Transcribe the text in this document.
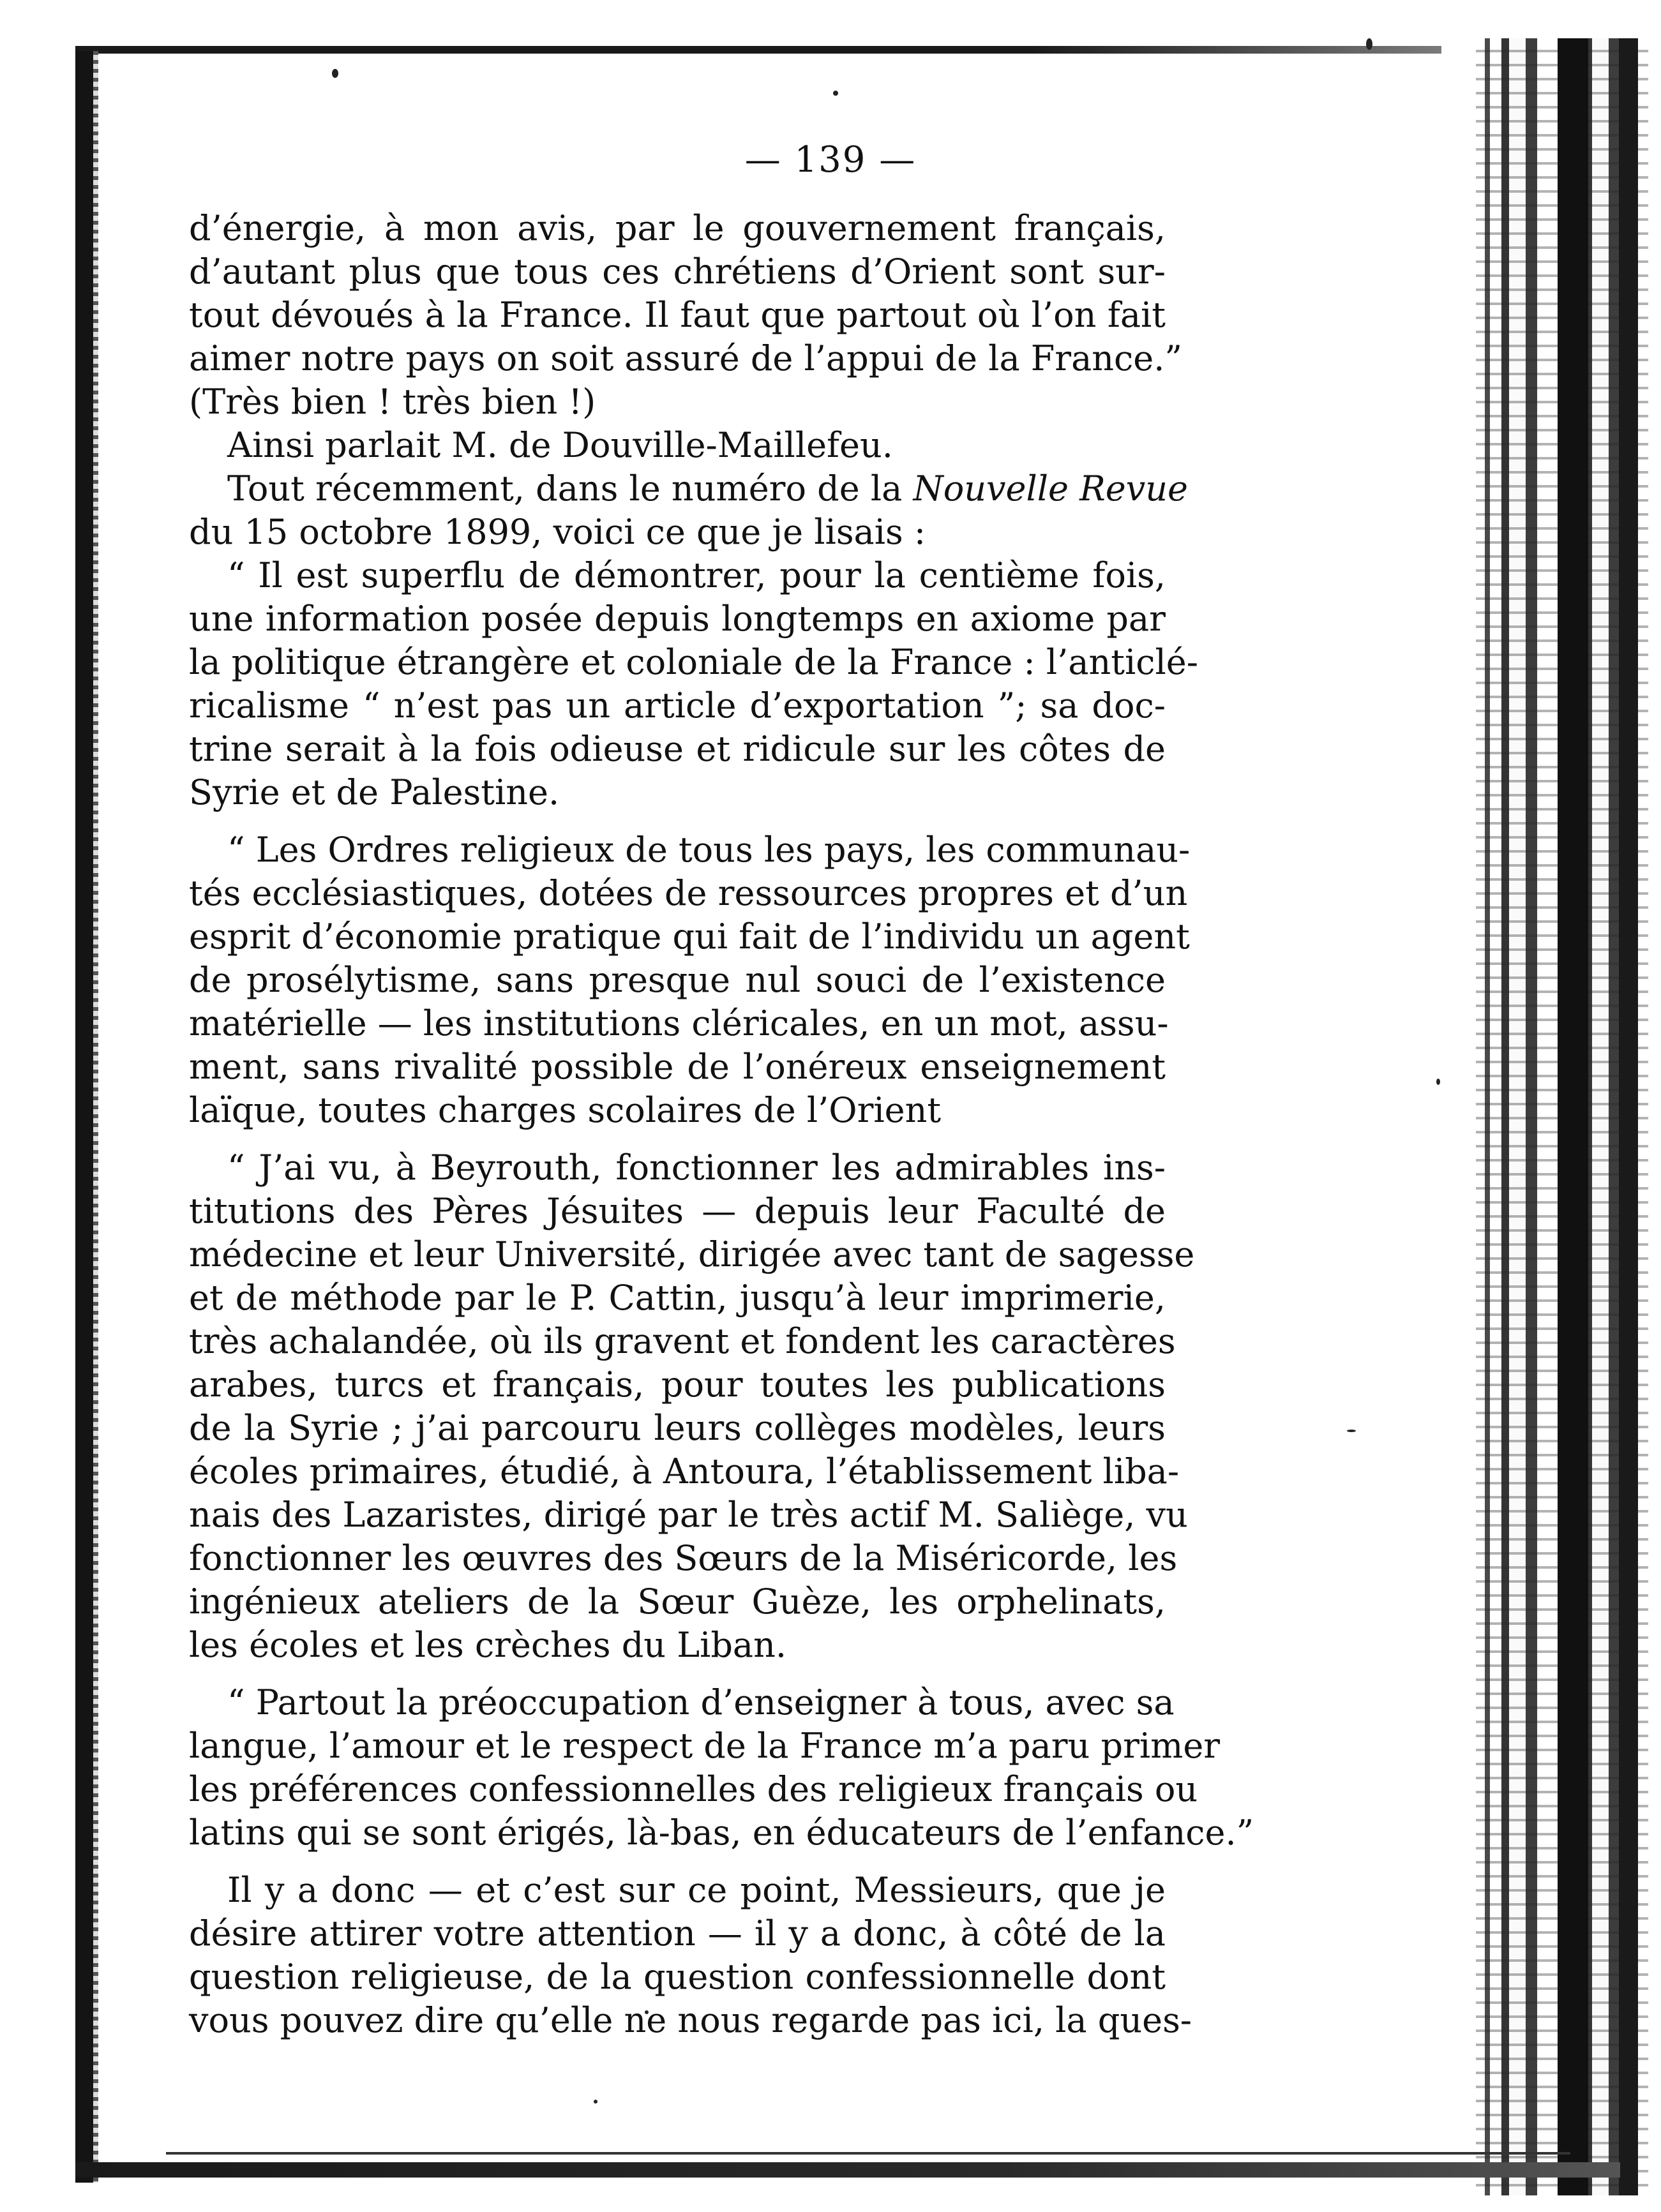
— 139 —
d’énergie, à mon avis, par le gouvernement français,
d’autant plus que tous ces chrétiens d’Orient sont sur-
tout dévoués à la France. Il faut que partout où l’on fait
aimer notre pays on soit assuré de l’appui de la France.”
(Très bien ! très bien !)
Ainsi parlait M. de Douville-Maillefeu.
Tout récemment, dans le numéro de la Nouvelle Revue
du 15 octobre 1899, voici ce que je lisais :
“ Il est superflu de démontrer, pour la centième fois,
une information posée depuis longtemps en axiome par
la politique étrangère et coloniale de la France : l’anticlé-
ricalisme “ n’est pas un article d’exportation ”; sa doc-
trine serait à la fois odieuse et ridicule sur les côtes de
Syrie et de Palestine.
“ Les Ordres religieux de tous les pays, les communau-
tés ecclésiastiques, dotées de ressources propres et d’un
esprit d’économie pratique qui fait de l’individu un agent
de prosélytisme, sans presque nul souci de l’existence
matérielle — les institutions cléricales, en un mot, assu-
ment, sans rivalité possible de l’onéreux enseignement
laïque, toutes charges scolaires de l’Orient
“ J’ai vu, à Beyrouth, fonctionner les admirables ins-
titutions des Pères Jésuites — depuis leur Faculté de
médecine et leur Université, dirigée avec tant de sagesse
et de méthode par le P. Cattin, jusqu’à leur imprimerie,
très achalandée, où ils gravent et fondent les caractères
arabes, turcs et français, pour toutes les publications
de la Syrie ; j’ai parcouru leurs collèges modèles, leurs
écoles primaires, étudié, à Antoura, l’établissement liba-
nais des Lazaristes, dirigé par le très actif M. Saliège, vu
fonctionner les œuvres des Sœurs de la Miséricorde, les
ingénieux ateliers de la Sœur Guèze, les orphelinats,
les écoles et les crèches du Liban.
“ Partout la préoccupation d’enseigner à tous, avec sa
langue, l’amour et le respect de la France m’a paru primer
les préférences confessionnelles des religieux français ou
latins qui se sont érigés, là-bas, en éducateurs de l’enfance.”
Il y a donc — et c’est sur ce point, Messieurs, que je
désire attirer votre attention — il y a donc, à côté de la
question religieuse, de la question confessionnelle dont
vous pouvez dire qu’elle ne nous regarde pas ici, la ques-
